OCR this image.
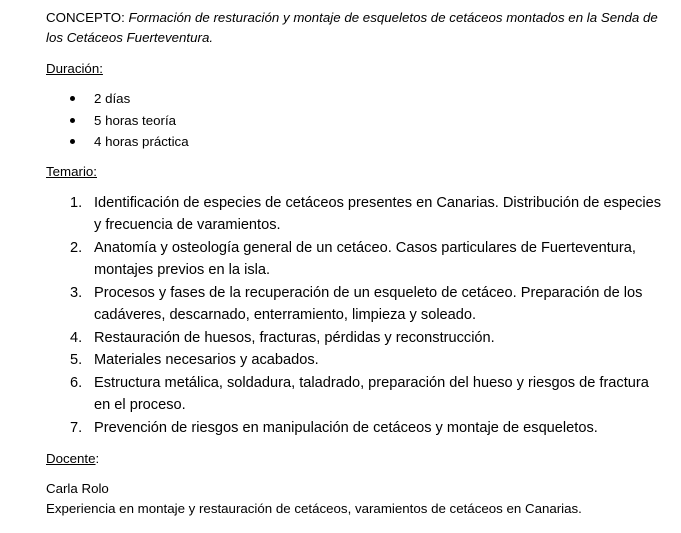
CONCEPTO: Formación de resturación y montaje de esqueletos de cetáceos montados en la Senda de los Cetáceos Fuerteventura.

Duración:

2 días
5 horas teoría
4 horas práctica

Temario:

1. Identificación de especies de cetáceos presentes en Canarias. Distribución de especies y frecuencia de varamientos.
2. Anatomía y osteología general de un cetáceo. Casos particulares de Fuerteventura, montajes previos en la isla.
3. Procesos y fases de la recuperación de un esqueleto de cetáceo. Preparación de los cadáveres, descarnado, enterramiento, limpieza y soleado.
4. Restauración de huesos, fracturas, pérdidas y reconstrucción.
5. Materiales necesarios y acabados.
6. Estructura metálica, soldadura, taladrado, preparación del hueso y riesgos de fractura en el proceso.
7. Prevención de riesgos en manipulación de cetáceos y montaje de esqueletos.

Docente:

Carla Rolo

Experiencia en montaje y restauración de cetáceos, varamientos de cetáceos en Canarias.
